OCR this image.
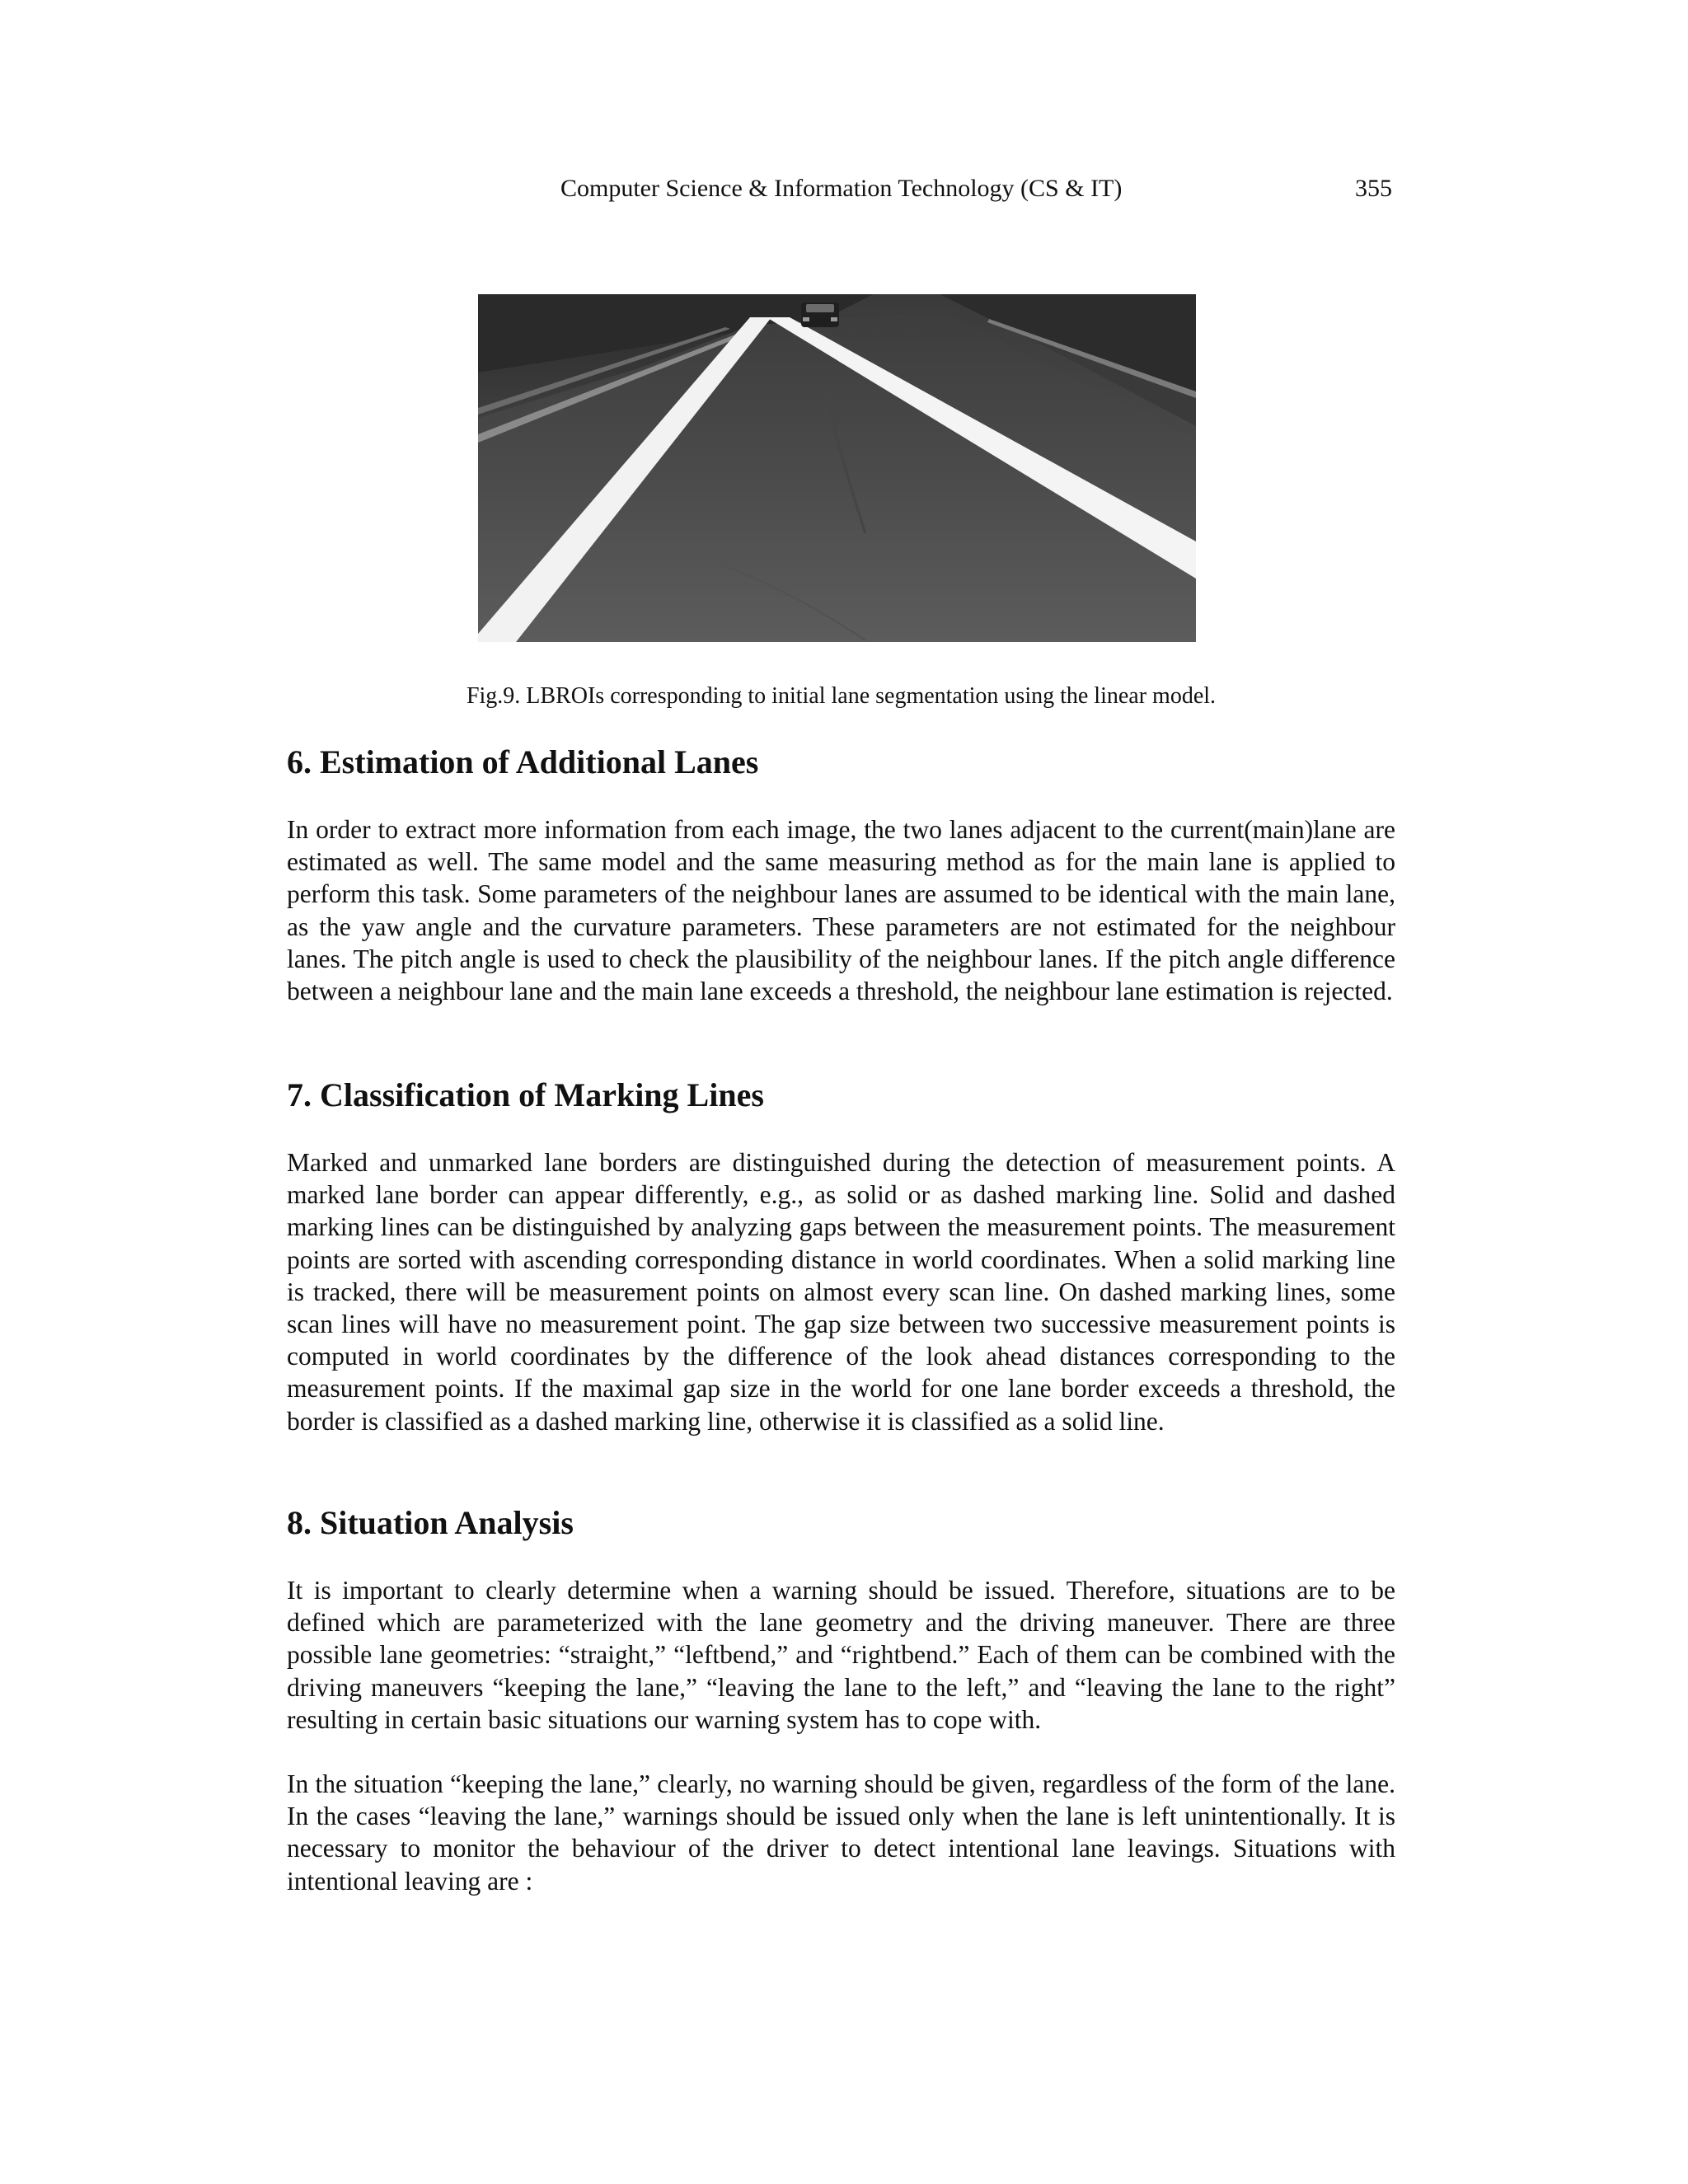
Computer Science & Information Technology (CS & IT)	355
Fig.9. LBROIs corresponding to initial lane segmentation using the linear model.
6. Estimation of Additional Lanes

In order to extract more information from each image, the two lanes adjacent to the current(main)lane are estimated as well. The same model and the same measuring method as for the main lane is applied to perform this task. Some parameters of the neighbour lanes are assumed to be identical with the main lane, as the yaw angle and the curvature parameters. These parameters are not estimated for the neighbour lanes. The pitch angle is used to check the plausibility of the neighbour lanes. If the pitch angle difference between a neighbour lane and the main lane exceeds a threshold, the neighbour lane estimation is rejected.

7. Classification of Marking Lines

Marked and unmarked lane borders are distinguished during the detection of measurement points. A marked lane border can appear differently, e.g., as solid or as dashed marking line. Solid and dashed marking lines can be distinguished by analyzing gaps between the measurement points. The measurement points are sorted with ascending corresponding distance in world coordinates. When a solid marking line is tracked, there will be measurement points on almost every scan line. On dashed marking lines, some scan lines will have no measurement point. The gap size between two successive measurement points is computed in world coordinates by the difference of the look ahead distances corresponding to the measurement points. If the maximal gap size in the world for one lane border exceeds a threshold, the border is classified as a dashed marking line, otherwise it is classified as a solid line.

8. Situation Analysis

It is important to clearly determine when a warning should be issued. Therefore, situations are to be defined which are parameterized with the lane geometry and the driving maneuver. There are three possible lane geometries: “straight,” “leftbend,” and “rightbend.” Each of them can be combined with the driving maneuvers “keeping the lane,” “leaving the lane to the left,” and “leaving the lane to the right” resulting in certain basic situations our warning system has to cope with.

In the situation “keeping the lane,” clearly, no warning should be given, regardless of the form of the lane. In the cases “leaving the lane,” warnings should be issued only when the lane is left unintentionally. It is necessary to monitor the behaviour of the driver to detect intentional lane leavings. Situations with intentional leaving are :
